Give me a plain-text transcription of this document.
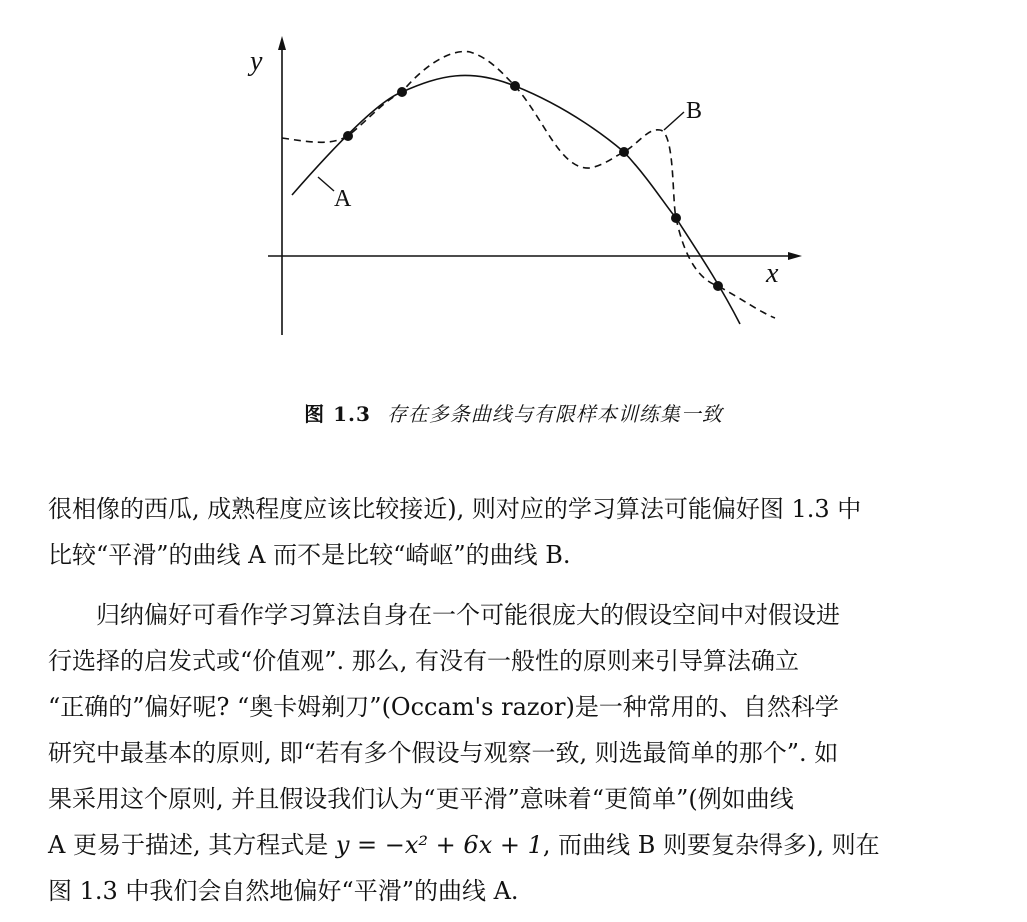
y
x
A
B
图 1.3 存在多条曲线与有限样本训练集一致

很相像的西瓜, 成熟程度应该比较接近), 则对应的学习算法可能偏好图 1.3 中
比较“平滑”的曲线 A 而不是比较“崎岖”的曲线 B.

归纳偏好可看作学习算法自身在一个可能很庞大的假设空间中对假设进
行选择的启发式或“价值观”. 那么, 有没有一般性的原则来引导算法确立
“正确的”偏好呢? “奥卡姆剃刀”(Occam's razor)是一种常用的、自然科学
研究中最基本的原则, 即“若有多个假设与观察一致, 则选最简单的那个”. 如
果采用这个原则, 并且假设我们认为“更平滑”意味着“更简单”(例如曲线
A 更易于描述, 其方程式是 y = −x² + 6x + 1, 而曲线 B 则要复杂得多), 则在
图 1.3 中我们会自然地偏好“平滑”的曲线 A.
